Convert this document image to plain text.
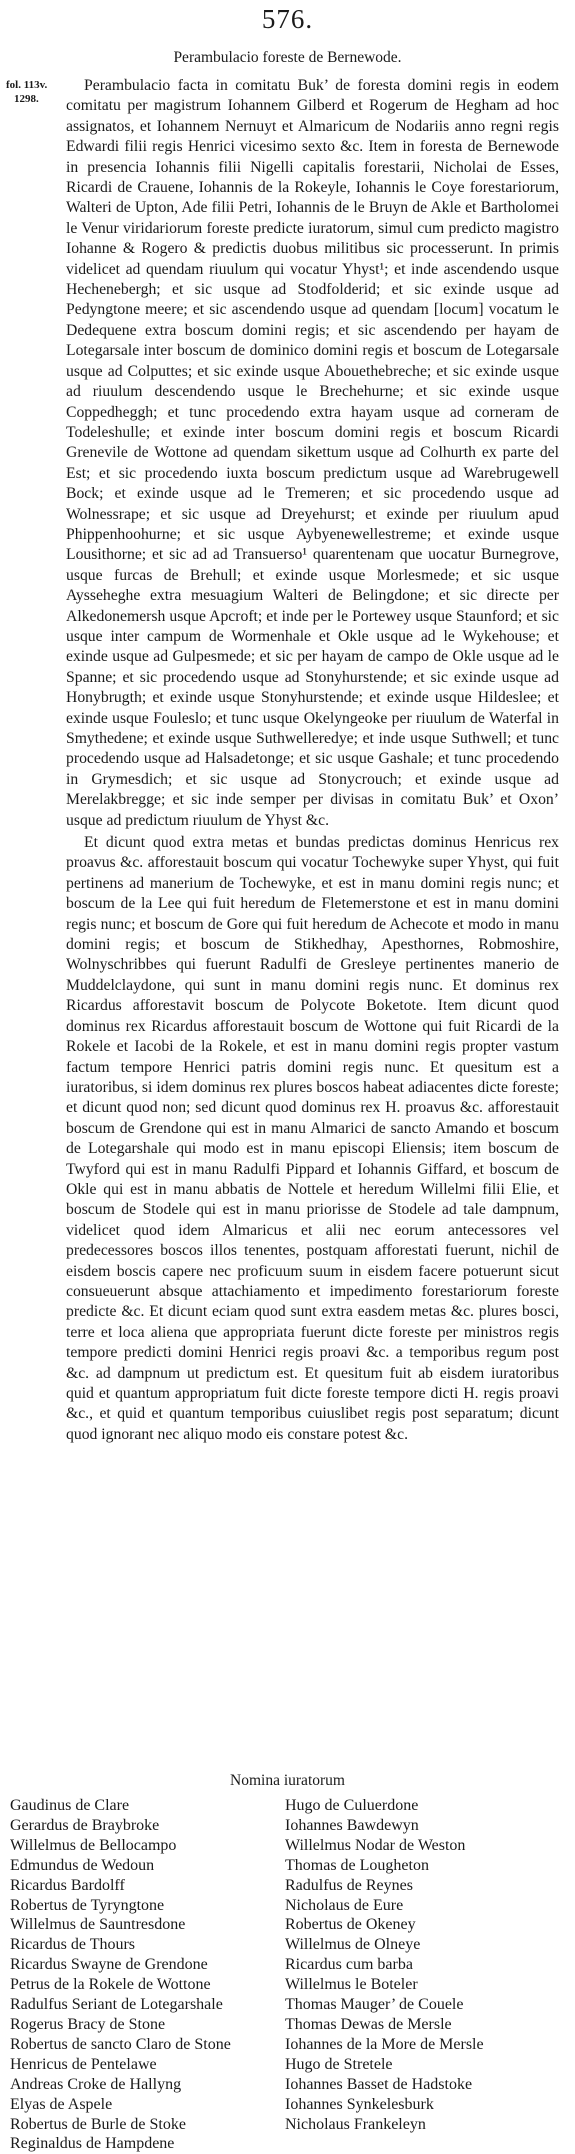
576.
Perambulacio foreste de Bernewode.
fol. 113v.
1298.

Perambulacio facta in comitatu Buk’ de foresta domini regis in eodem comitatu per magistrum Iohannem Gilberd et Rogerum de Hegham ad hoc assignatos, et Iohannem Nernuyt et Almaricum de Nodariis anno regni regis Edwardi filii regis Henrici vicesimo sexto &c. Item in foresta de Bernewode in presencia Iohannis filii Nigelli capitalis forestarii, Nicholai de Esses, Ricardi de Crauene, Iohannis de la Rokeyle, Iohannis le Coye forestariorum, Walteri de Upton, Ade filii Petri, Iohannis de le Bruyn de Akle et Bartholomei le Venur viridariorum foreste predicte iuratorum, simul cum predicto magistro Iohanne & Rogero & predictis duobus militibus sic processerunt. In primis videlicet ad quendam riuulum qui vocatur Yhyst¹; et inde ascendendo usque Hechenebergh; et sic usque ad Stodfolderid; et sic exinde usque ad Pedyngtone meere; et sic ascendendo usque ad quendam [locum] vocatum le Dedequene extra boscum domini regis; et sic ascendendo per hayam de Lotegarsale inter boscum de dominico domini regis et boscum de Lotegarsale usque ad Colputtes; et sic exinde usque Abouethebreche; et sic exinde usque ad riuulum descendendo usque le Brechehurne; et sic exinde usque Coppedheggh; et tunc procedendo extra hayam usque ad corneram de Todeleshulle; et exinde inter boscum domini regis et boscum Ricardi Grenevile de Wottone ad quendam sikettum usque ad Colhurth ex parte del Est; et sic procedendo iuxta boscum predictum usque ad Warebrugewell Bock; et exinde usque ad le Tremeren; et sic procedendo usque ad Wolnessrape; et sic usque ad Dreyehurst; et exinde per riuulum apud Phippenhoohurne; et sic usque Aybyenewellestreme; et exinde usque Lousithorne; et sic ad ad Transuerso¹ quarentenam que uocatur Burnegrove, usque furcas de Brehull; et exinde usque Morlesmede; et sic usque Aysseheghe extra mesuagium Walteri de Belingdone; et sic directe per Alkedonemersh usque Apcroft; et inde per le Portewey usque Staunford; et sic usque inter campum de Wormenhale et Okle usque ad le Wykehouse; et exinde usque ad Gulpesmede; et sic per hayam de campo de Okle usque ad le Spanne; et sic procedendo usque ad Stonyhurstende; et sic exinde usque ad Honybrugth; et exinde usque Stonyhurstende; et exinde usque Hildeslee; et exinde usque Fouleslo; et tunc usque Okelyngeoke per riuulum de Waterfal in Smythedene; et exinde usque Suthwelleredye; et inde usque Suthwell; et tunc procedendo usque ad Halsadetonge; et sic usque Gashale; et tunc procedendo in Grymesdich; et sic usque ad Stonycrouch; et exinde usque ad Merelakbregge; et sic inde semper per divisas in comitatu Buk’ et Oxon’ usque ad predictum riuulum de Yhyst &c.

Et dicunt quod extra metas et bundas predictas dominus Henricus rex proavus &c. afforestauit boscum qui vocatur Tochewyke super Yhyst, qui fuit pertinens ad manerium de Tochewyke, et est in manu domini regis nunc; et boscum de la Lee qui fuit heredum de Fletemerstone et est in manu domini regis nunc; et boscum de Gore qui fuit heredum de Achecote et modo in manu domini regis; et boscum de Stikhedhay, Apesthornes, Robmoshire, Wolnyschribbes qui fuerunt Radulfi de Gresleye pertinentes manerio de Muddelclaydone, qui sunt in manu domini regis nunc. Et dominus rex Ricardus afforestavit boscum de Polycote Boketote. Item dicunt quod dominus rex Ricardus afforestauit boscum de Wottone qui fuit Ricardi de la Rokele et Iacobi de la Rokele, et est in manu domini regis propter vastum factum tempore Henrici patris domini regis nunc. Et quesitum est a iuratoribus, si idem dominus rex plures boscos habeat adiacentes dicte foreste; et dicunt quod non; sed dicunt quod dominus rex H. proavus &c. afforestauit boscum de Grendone qui est in manu Almarici de sancto Amando et boscum de Lotegarshale qui modo est in manu episcopi Eliensis; item boscum de Twyford qui est in manu Radulfi Pippard et Iohannis Giffard, et boscum de Okle qui est in manu abbatis de Nottele et heredum Willelmi filii Elie, et boscum de Stodele qui est in manu priorisse de Stodele ad tale dampnum, videlicet quod idem Almaricus et alii nec eorum antecessores vel predecessores boscos illos tenentes, postquam afforestati fuerunt, nichil de eisdem boscis capere nec proficuum suum in eisdem facere potuerunt sicut consueuerunt absque attachiamento et impedimento forestariorum foreste predicte &c. Et dicunt eciam quod sunt extra easdem metas &c. plures bosci, terre et loca aliena que appropriata fuerunt dicte foreste per ministros regis tempore predicti domini Henrici regis proavi &c. a temporibus regum post &c. ad dampnum ut predictum est. Et quesitum fuit ab eisdem iuratoribus quid et quantum appropriatum fuit dicte foreste tempore dicti H. regis proavi &c., et quid et quantum temporibus cuiuslibet regis post separatum; dicunt quod ignorant nec aliquo modo eis constare potest &c.

Nomina iuratorum
Gaudinus de Clare
Gerardus de Braybroke
Willelmus de Bellocampo
Edmundus de Wedoun
Ricardus Bardolff
Robertus de Tyryngtone
Willelmus de Sauntresdone
Ricardus de Thours
Ricardus Swayne de Grendone
Petrus de la Rokele de Wottone
Radulfus Seriant de Lotegarshale
Rogerus Bracy de Stone
Robertus de sancto Claro de Stone
Henricus de Pentelawe
Andreas Croke de Hallyng
Elyas de Aspele
Robertus de Burle de Stoke
Reginaldus de Hampdene
Hugo de Culuerdone
Iohannes Bawdewyn
Willelmus Nodar de Weston
Thomas de Lougheton
Radulfus de Reynes
Nicholaus de Eure
Robertus de Okeney
Willelmus de Olneye
Ricardus cum barba
Willelmus le Boteler
Thomas Mauger’ de Couele
Thomas Dewas de Mersle
Iohannes de la More de Mersle
Hugo de Stretele
Iohannes Basset de Hadstoke
Iohannes Synkelesburk
Nicholaus Frankeleyn
